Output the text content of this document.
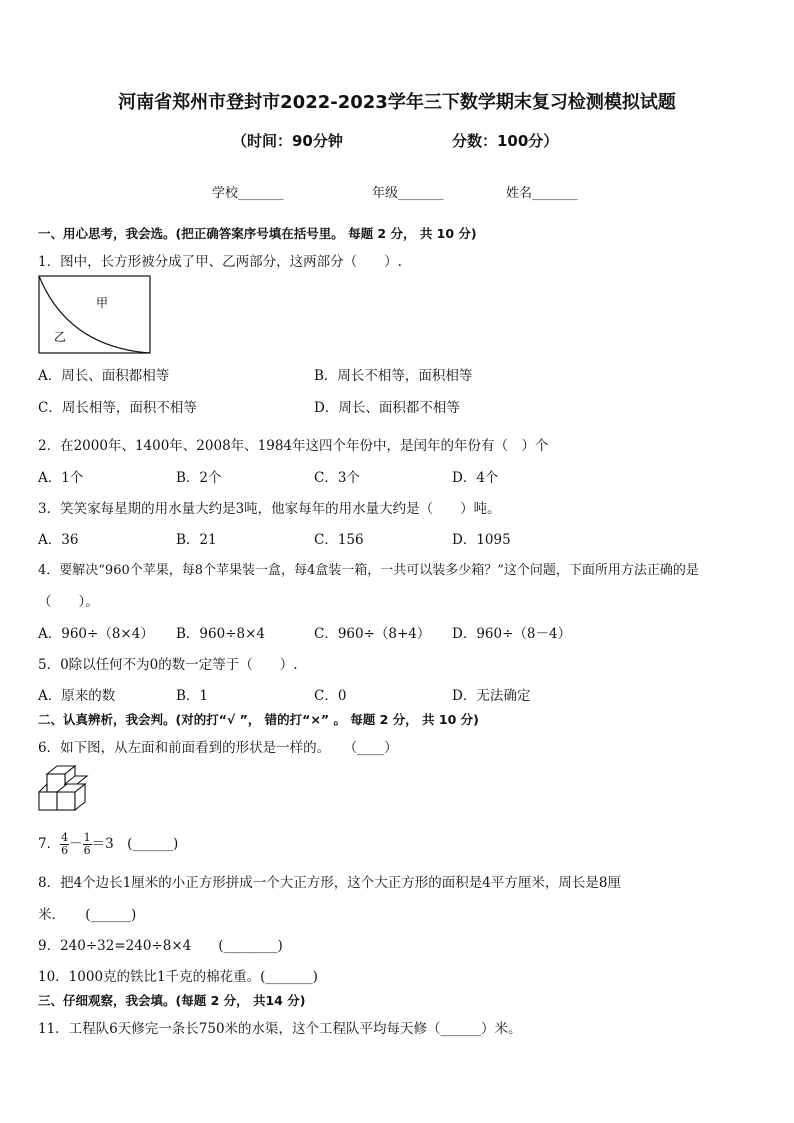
河南省郑州市登封市2022-2023学年三下数学期末复习检测模拟试题
（时间：90分钟	分数：100分）
学校_______	年级_______	姓名_______
一、用心思考，我会选。(把正确答案序号填在括号里。 每题 2 分， 共 10 分)
1．图中，长方形被分成了甲、乙两部分，这两部分（　　）.
甲
乙
A．周长、面积都相等	B．周长不相等，面积相等
C．周长相等，面积不相等	D．周长、面积都不相等
2．在2000年、1400年、2008年、1984年这四个年份中，是闰年的年份有（　）个
A．1个	B．2个	C．3个	D．4个
3．笑笑家每星期的用水量大约是3吨，他家每年的用水量大约是（　　）吨。
A．36	B．21	C．156	D．1095
4．要解决“960个苹果，每8个苹果装一盒，每4盒装一箱，一共可以装多少箱？”这个问题，下面所用方法正确的是
（　　）。
A．960÷（8×4） B．960÷8×4	C．960÷（8+4） D．960÷（8－4）
5．0除以任何不为0的数一定等于（　　）.
A．原来的数	B．1	C．0	D．无法确定
二、认真辨析，我会判。(对的打“√ ”， 错的打“×” 。 每题 2 分， 共 10 分)
6．如下图，从左面和前面看到的形状是一样的。　　（____）
7． $\frac{4}{6} - \frac{1}{6} =3$　(______)
8．把4个边长1厘米的小正方形拼成一个大正方形，这个大正方形的面积是4平方厘米，周长是8厘
米．　　(______)
9．240÷32=240÷8×4　　(________)
10．1000克的铁比1千克的棉花重。(_______)
三、仔细观察，我会填。(每题 2 分， 共14 分)
11．工程队6天修完一条长750米的水渠，这个工程队平均每天修（______）米。
